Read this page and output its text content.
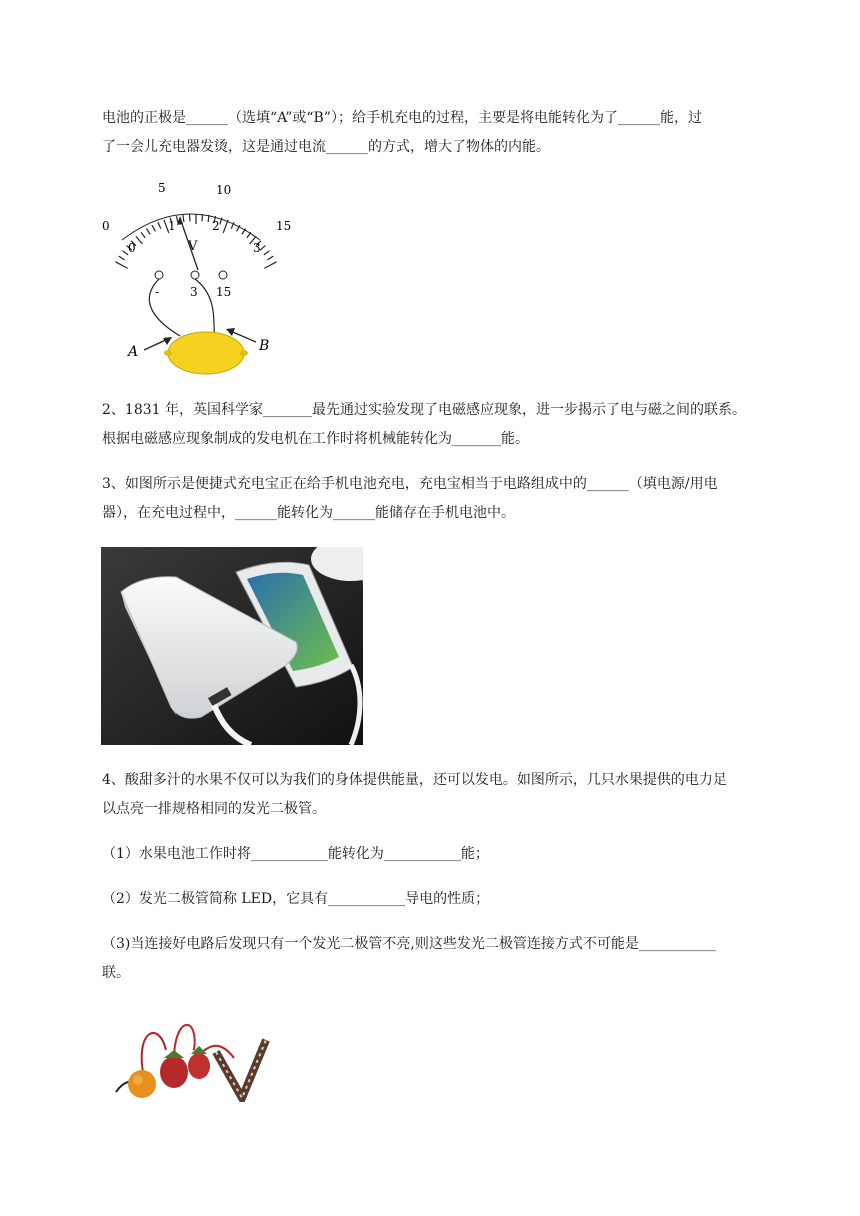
电池的正极是______（选填“A”或“B”）；给手机充电的过程，主要是将电能转化为了______能，过
了一会儿充电器发烫，这是通过电流______的方式，增大了物体的内能。
0
5	10
15
0
1	2
3
V
-	3 15
A	B
2、1831 年，英国科学家_______最先通过实验发现了电磁感应现象，进一步揭示了电与磁之间的联系。
根据电磁感应现象制成的发电机在工作时将机械能转化为_______能。
3、如图所示是便捷式充电宝正在给手机电池充电，充电宝相当于电路组成中的______（填电源/用电
器），在充电过程中，______能转化为______能储存在手机电池中。
4、酸甜多汁的水果不仅可以为我们的身体提供能量，还可以发电。如图所示，几只水果提供的电力足
以点亮一排规格相同的发光二极管。
（1）水果电池工作时将___________能转化为___________能；
（2）发光二极管简称 LED，它具有___________导电的性质；
（3)当连接好电路后发现只有一个发光二极管不亮,则这些发光二极管连接方式不可能是___________
联。
